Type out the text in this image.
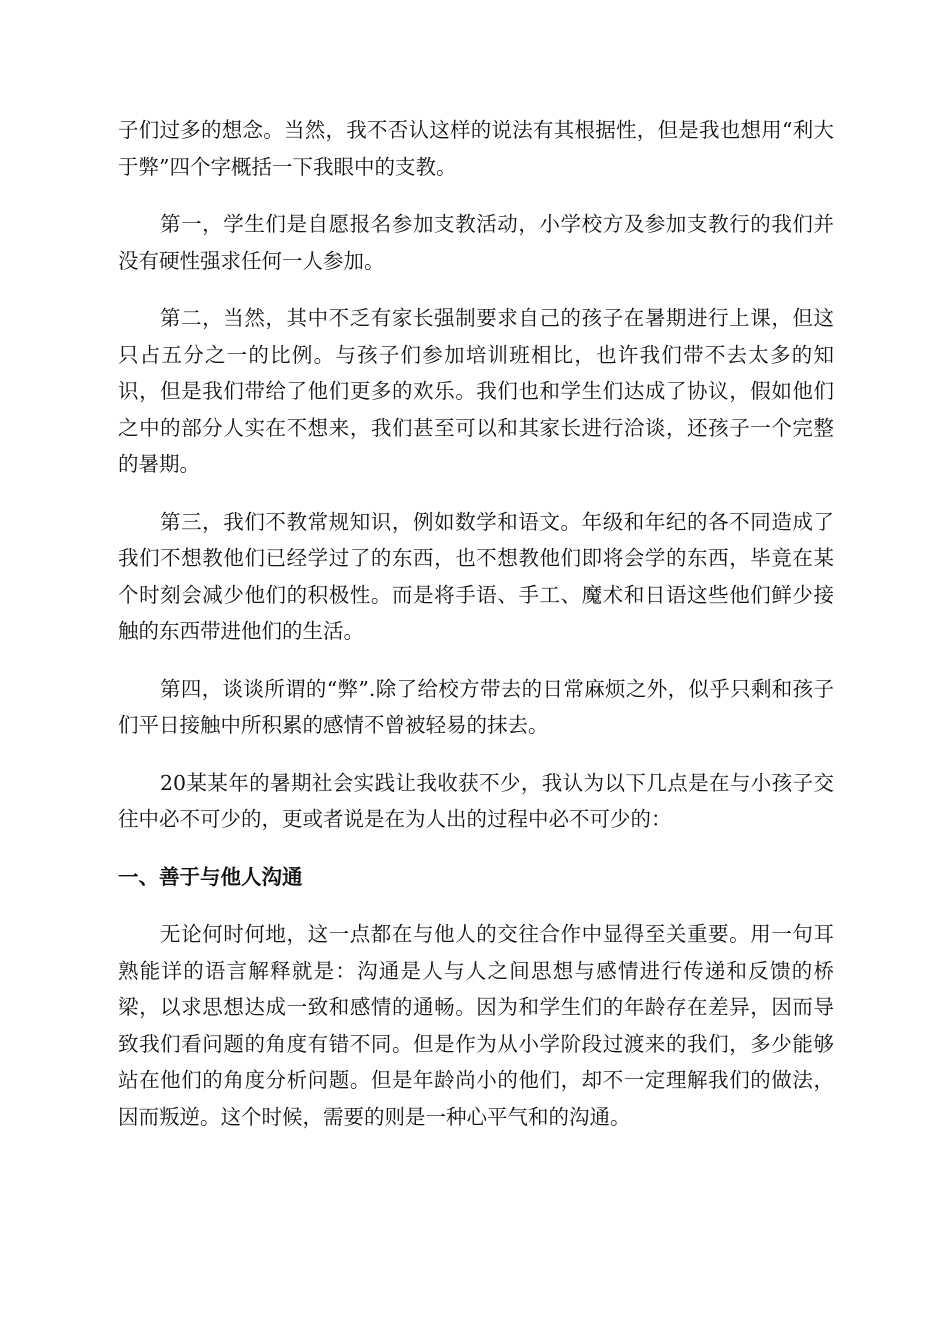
子们过多的想念。当然，我不否认这样的说法有其根据性，但是我也想用“利大于弊”四个字概括一下我眼中的支教。

第一，学生们是自愿报名参加支教活动，小学校方及参加支教行的我们并没有硬性强求任何一人参加。

第二，当然，其中不乏有家长强制要求自己的孩子在暑期进行上课，但这只占五分之一的比例。与孩子们参加培训班相比，也许我们带不去太多的知识，但是我们带给了他们更多的欢乐。我们也和学生们达成了协议，假如他们之中的部分人实在不想来，我们甚至可以和其家长进行洽谈，还孩子一个完整的暑期。

第三，我们不教常规知识，例如数学和语文。年级和年纪的各不同造成了我们不想教他们已经学过了的东西，也不想教他们即将会学的东西，毕竟在某个时刻会减少他们的积极性。而是将手语、手工、魔术和日语这些他们鲜少接触的东西带进他们的生活。

第四，谈谈所谓的“弊”.除了给校方带去的日常麻烦之外，似乎只剩和孩子们平日接触中所积累的感情不曾被轻易的抹去。

20某某年的暑期社会实践让我收获不少，我认为以下几点是在与小孩子交往中必不可少的，更或者说是在为人出的过程中必不可少的：

一、善于与他人沟通

无论何时何地，这一点都在与他人的交往合作中显得至关重要。用一句耳熟能详的语言解释就是：沟通是人与人之间思想与感情进行传递和反馈的桥梁，以求思想达成一致和感情的通畅。因为和学生们的年龄存在差异，因而导致我们看问题的角度有错不同。但是作为从小学阶段过渡来的我们，多少能够站在他们的角度分析问题。但是年龄尚小的他们，却不一定理解我们的做法，因而叛逆。这个时候，需要的则是一种心平气和的沟通。
